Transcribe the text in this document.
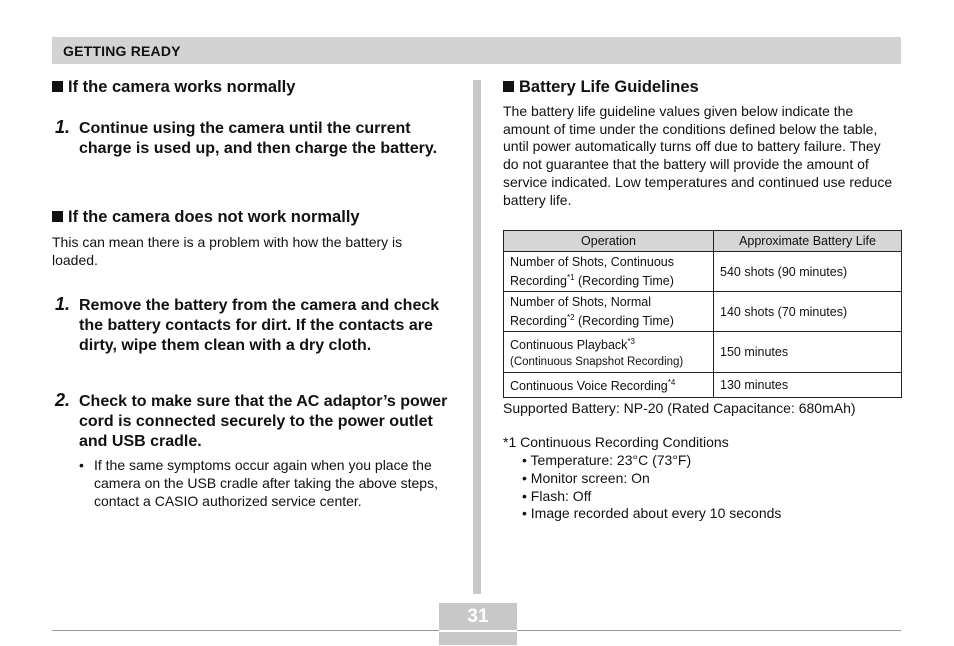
GETTING READY
If the camera works normally
1. Continue using the camera until the current charge is used up, and then charge the battery.
If the camera does not work normally
This can mean there is a problem with how the battery is loaded.
1. Remove the battery from the camera and check the battery contacts for dirt. If the contacts are dirty, wipe them clean with a dry cloth.
2. Check to make sure that the AC adaptor’s power cord is connected securely to the power outlet and USB cradle.
• If the same symptoms occur again when you place the camera on the USB cradle after taking the above steps, contact a CASIO authorized service center.
Battery Life Guidelines
The battery life guideline values given below indicate the amount of time under the conditions defined below the table, until power automatically turns off due to battery failure. They do not guarantee that the battery will provide the amount of service indicated. Low temperatures and continued use reduce battery life.
Operation	Approximate Battery Life
Number of Shots, Continuous
Recording$^{*1}$ (Recording Time)	540 shots (90 minutes)
Number of Shots, Normal
Recording$^{*2}$ (Recording Time)	140 shots (70 minutes)
Continuous Playback$^{*3}$
(Continuous Snapshot Recording)	150 minutes
Continuous Voice Recording$^{*4}$	130 minutes
Supported Battery: NP-20 (Rated Capacitance: 680mAh)
*1 Continuous Recording Conditions
• Temperature: 23°C (73°F)
• Monitor screen: On
• Flash: Off
• Image recorded about every 10 seconds
31
